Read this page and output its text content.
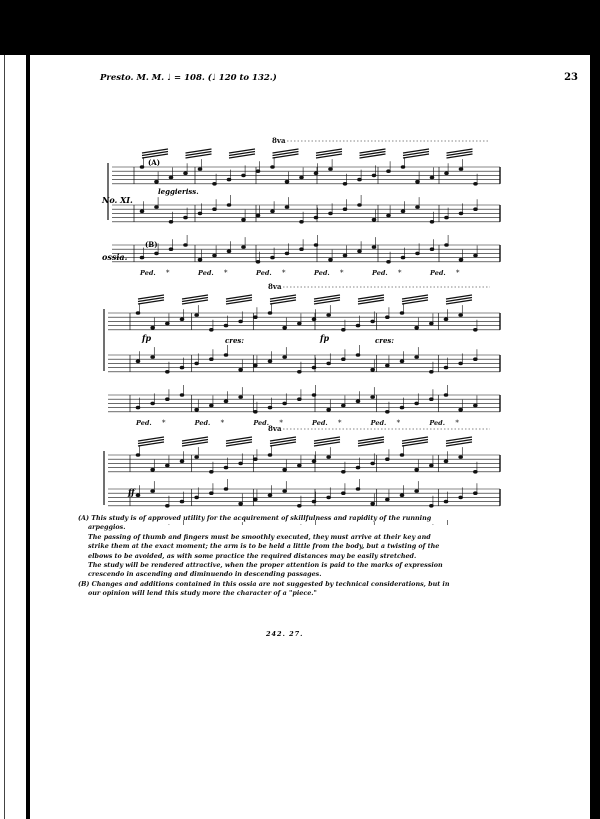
8va
Ped. *	Ped. *	Ped. *	Ped. *	Ped. *	Ped. *
8va
Ped. *	Ped. *	Ped. *	Ped. *	Ped. *	Ped. *
8va
No. XI.
ossia.
(A)
(B)
leggieriss.
fp	cres:	fp	cres:
ff
Presto. M. M. ♩ = 108. (♩ 120 to 132.)	23

(A) This study is of approved utility for the acquirement of skillfulness and rapidity of the running

arpeggios.

The passing of thumb and fingers must be smoothly executed, they must arrive at their key and

strike them at the exact moment; the arm is to be held a little from the body, but a twisting of the

elbows to be avoided, as with some practice the required distances may be easily stretched.

The study will be rendered attractive, when the proper attention is paid to the marks of expression

crescendo in ascending and diminuendo in descending passages.

(B) Changes and additions contained in this ossia are not suggested by technical considerations, but in

our opinion will lend this study more the character of a "piece."

242. 27.
